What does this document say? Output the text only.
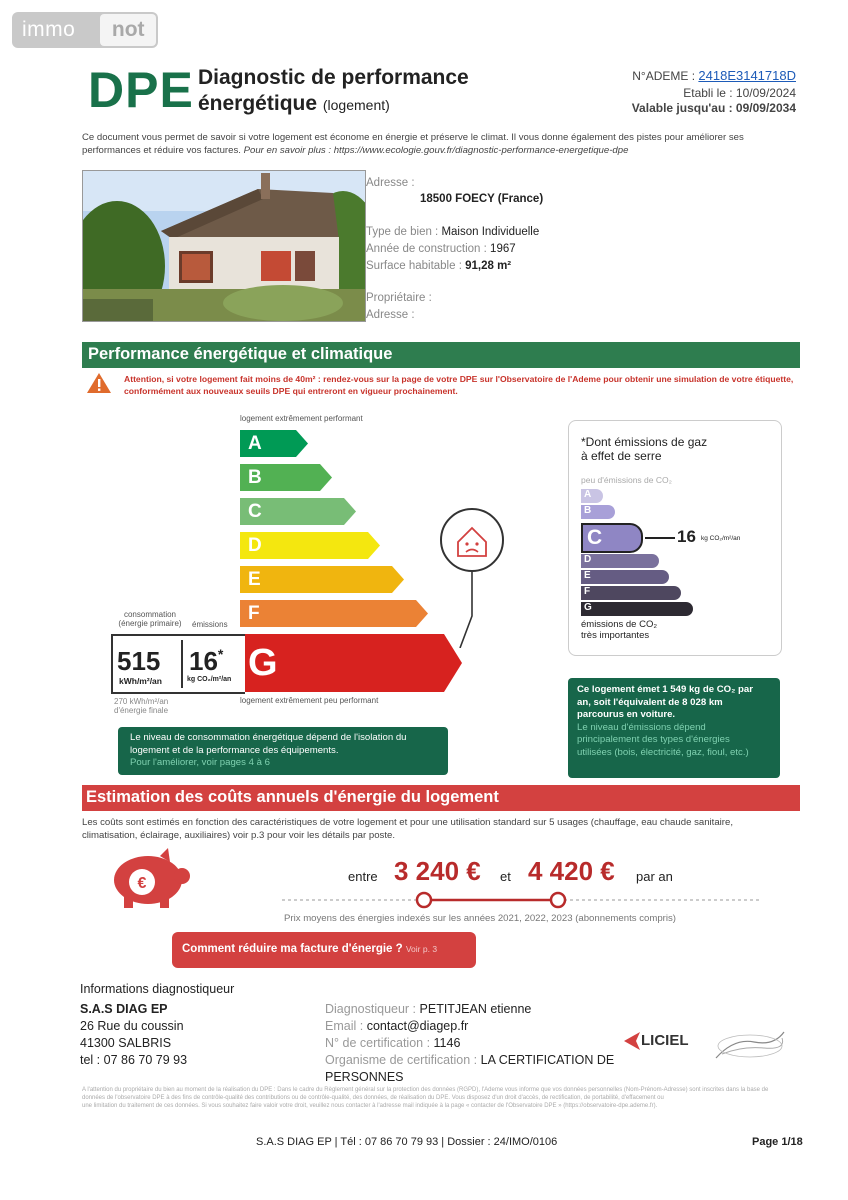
immo	not
DPE Diagnostic de performance
énergétique (logement)
N°ADEME : 2418E3141718D
Etabli le : 10/09/2024
Valable jusqu'au : 09/09/2034
Ce document vous permet de savoir si votre logement est économe en énergie et préserve le climat. Il vous donne également des pistes pour améliorer ses
performances et réduire vos factures. Pour en savoir plus : https://www.ecologie.gouv.fr/diagnostic-performance-energetique-dpe
Adresse :
18500 FOECY (France)
Type de bien : Maison Individuelle
Année de construction : 1967
Surface habitable : 91,28 m²
Propriétaire :
Adresse :
Performance énergétique et climatique
Attention, si votre logement fait moins de 40m² : rendez-vous sur la page de votre DPE sur l'Observatoire de l'Ademe pour obtenir une simulation de votre étiquette,
conformément aux nouveaux seuils DPE qui entreront en vigueur prochainement.
logement extrêmement performant
A
B
C
D
E
F
G
consommation (énergie primaire)	émissions
515
kWh/m²/an
16*
kg CO₂/m²/an
270 kWh/m²/an d'énergie finale
logement extrêmement peu performant
Le niveau de consommation énergétique dépend de l'isolation du
logement et de la performance des équipements.
Pour l'améliorer, voir pages 4 à 6
*Dont émissions de gaz
à effet de serre
peu d'émissions de CO₂
A
B
C	16 kg CO₂/m²/an
D
E
F
G
émissions de CO₂
très importantes
Ce logement émet 1 549 kg de CO₂ par
an, soit l'équivalent de 8 028 km
parcourus en voiture.
Le niveau d'émissions dépend
principalement des types d'énergies
utilisées (bois, électricité, gaz, fioul, etc.)
Estimation des coûts annuels d'énergie du logement
Les coûts sont estimés en fonction des caractéristiques de votre logement et pour une utilisation standard sur 5 usages (chauffage, eau chaude sanitaire,
climatisation, éclairage, auxiliaires) voir p.3 pour voir les détails par poste.
€	entre 3 240 € et 4 420 € par an
Prix moyens des énergies indexés sur les années 2021, 2022, 2023 (abonnements compris)
Comment réduire ma facture d'énergie ? Voir p. 3
Informations diagnostiqueur
S.A.S DIAG EP
26 Rue du coussin
41300 SALBRIS
tel : 07 86 70 79 93
Diagnostiqueur : PETITJEAN etienne
Email : contact@diagep.fr
N° de certification : 1146
Organisme de certification : LA CERTIFICATION DE
PERSONNES
LICIEL
A l'attention du propriétaire du bien au moment de la réalisation du DPE : Dans le cadre du Règlement général sur la protection des données (RGPD), l'Ademe vous informe que vos données personnelles (Nom-Prénom-Adresse) sont inscrites dans la base de
données de l'observatoire DPE à des fins de contrôle-qualité des contributions ou de contrôle-qualité, des données, de réalisation du DPE. Vous disposez d'un droit d'accès, de rectification, de portabilité, d'effacement ou
une limitation du traitement de ces données. Si vous souhaitez faire valoir votre droit, veuillez nous contacter à l'adresse mail indiquée à la page « contacter de l'Observatoire DPE » (https://observatoire-dpe.ademe.fr).
S.A.S DIAG EP | Tél : 07 86 70 79 93 | Dossier : 24/IMO/0106	Page 1/18
